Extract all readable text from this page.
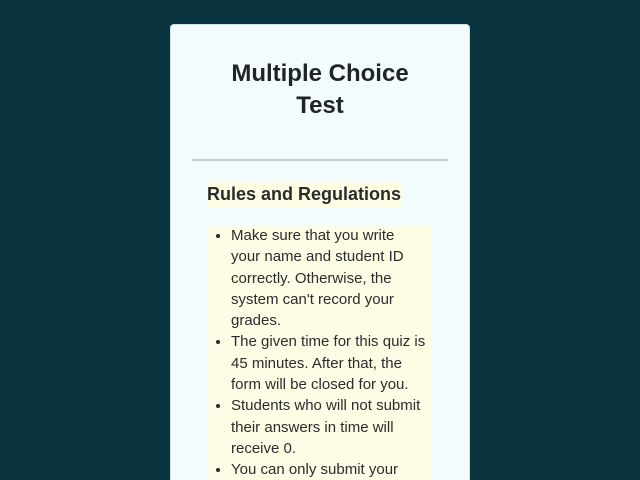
Multiple Choice Test
Rules and Regulations
• Make sure that you write your name and student ID correctly. Otherwise, the system can't record your grades.
• The given time for this quiz is 45 minutes. After that, the form will be closed for you.
• Students who will not submit their answers in time will receive 0.
• You can only submit your
